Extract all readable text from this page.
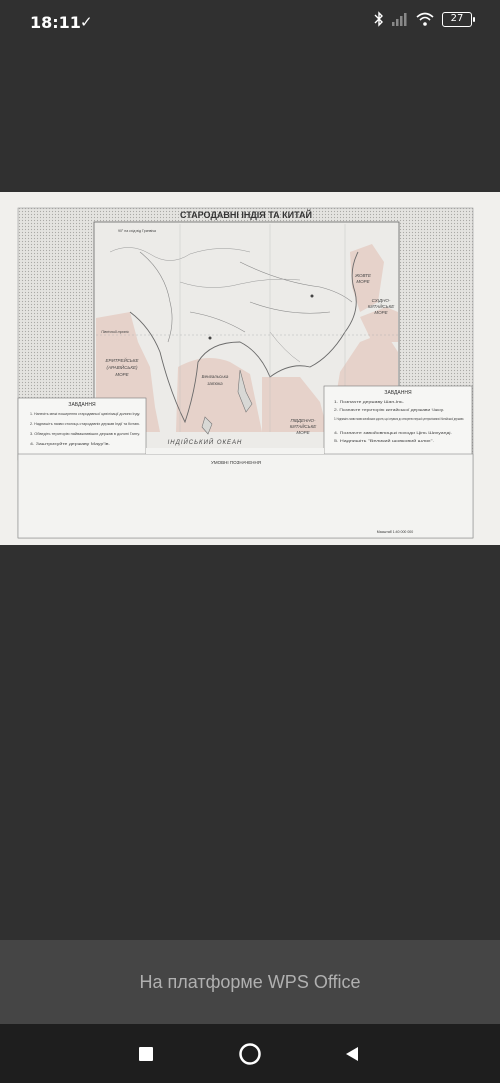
18:11 ✓	27
СТАРОДАВНІ ІНДІЯ ТА КИТАЙ
90° на схід від Гринвіча
ЕРИТРЕЙСЬКЕ
(АРАВІЙСЬКЕ)
МОРЕ	Бенгальська
затока
ПІВДЕННО-
КИТАЙСЬКЕ
МОРЕ
СХІДНО-
КИТАЙСЬКЕ
МОРЕ
ЖОВТЕ
МОРЕ
Північний тропік
ІНДІЙСЬКИЙ ОКЕАН
ЗАВДАННЯ
1. Нанесіть межі поширення стародавньої цивілізації долини Інду.
2. Надпишіть назви столиць стародавніх держав Індії та Китаю.
3. Обведіть територію найважливіших держав в долині Гангу.
4. Заштрихуйте державу Маур'їв.
ЗАВДАННЯ
1. Позначте державу Шан-Інь.
2. Позначте територію китайської держави Чжоу.
3. Надпишіть назви назви китайських царств, що існували до створення першої централізованої Китайської держави.
4. Позначте завойовницькі походи Цінь Шихуанді.
5. Надпишіть "Великий шовковий шлях".
УМОВНІ ПОЗНАЧЕННЯ
Масштаб 1:40 000 000
На платформе WPS Office
